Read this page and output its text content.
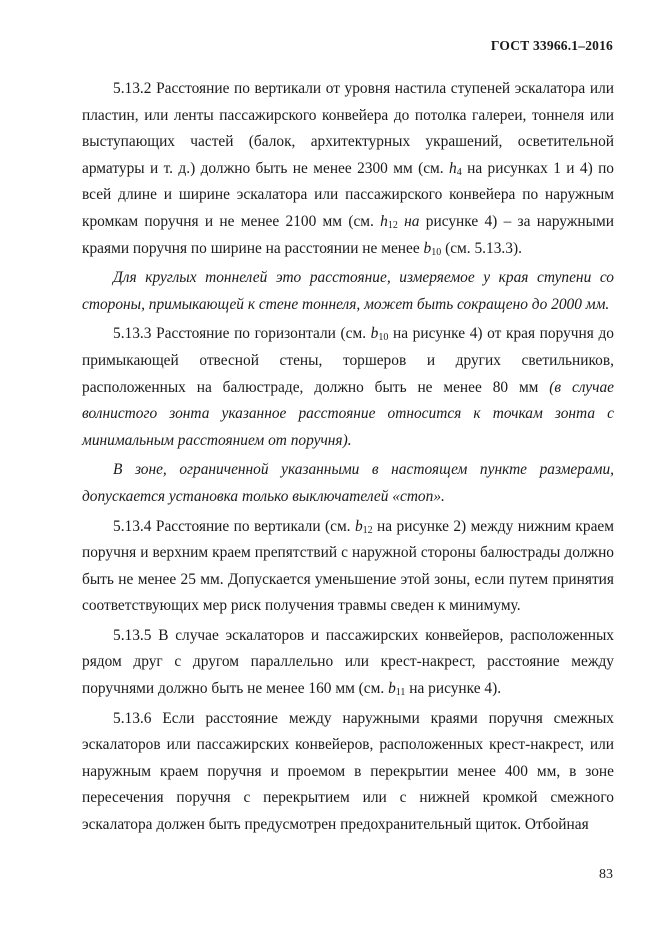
ГОСТ 33966.1–2016

5.13.2 Расстояние по вертикали от уровня настила ступеней эскалатора или пластин, или ленты пассажирского конвейера до потолка галереи, тоннеля или выступающих частей (балок, архитектурных украшений, осветительной арматуры и т. д.) должно быть не менее 2300 мм (см. $h_4$ на рисунках 1 и 4) по всей длине и ширине эскалатора или пассажирского конвейера по наружным кромкам поручня и не менее 2100 мм (см. $h_{12}$ на рисунке 4) – за наружными краями поручня по ширине на расстоянии не менее $b_{10}$ (см. 5.13.3).

Для круглых тоннелей это расстояние, измеряемое у края ступени со стороны, примыкающей к стене тоннеля, может быть сокращено до 2000 мм.

5.13.3 Расстояние по горизонтали (см. $b_{10}$ на рисунке 4) от края поручня до примыкающей отвесной стены, торшеров и других светильников, расположенных на балюстраде, должно быть не менее 80 мм (в случае волнистого зонта указанное расстояние относится к точкам зонта с минимальным расстоянием от поручня).

В зоне, ограниченной указанными в настоящем пункте размерами, допускается установка только выключателей «стоп».

5.13.4 Расстояние по вертикали (см. $b_{12}$ на рисунке 2) между нижним краем поручня и верхним краем препятствий с наружной стороны балюстрады должно быть не менее 25 мм. Допускается уменьшение этой зоны, если путем принятия соответствующих мер риск получения травмы сведен к минимуму.

5.13.5 В случае эскалаторов и пассажирских конвейеров, расположенных рядом друг с другом параллельно или крест-накрест, расстояние между поручнями должно быть не менее 160 мм (см. $b_{11}$ на рисунке 4).

5.13.6 Если расстояние между наружными краями поручня смежных эскалаторов или пассажирских конвейеров, расположенных крест-накрест, или наружным краем поручня и проемом в перекрытии менее 400 мм, в зоне пересечения поручня с перекрытием или с нижней кромкой смежного эскалатора должен быть предусмотрен предохранительный щиток. Отбойная

83
